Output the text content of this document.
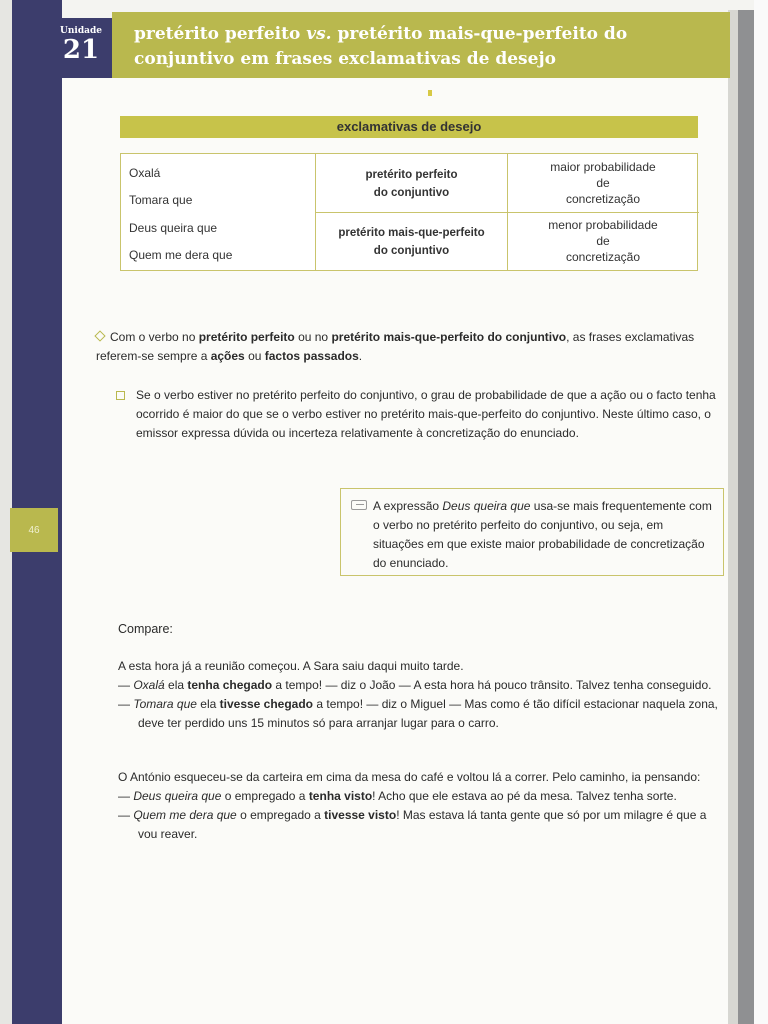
46
Unidade
21
pretérito perfeito vs. pretérito mais-que-perfeito do
conjuntivo em frases exclamativas de desejo
exclamativas de desejo
Oxalá
Tomara que
Deus queira que
Quem me dera que
pretérito perfeito
do conjuntivo
pretérito mais-que-perfeito
do conjuntivo
maior probabilidade
de
concretização
menor probabilidade
de
concretização
Com o verbo no pretérito perfeito ou no pretérito mais-que-perfeito do conjuntivo, as frases exclamativas referem-se sempre a ações ou factos passados.
Se o verbo estiver no pretérito perfeito do conjuntivo, o grau de probabilidade de que a ação ou o facto tenha ocorrido é maior do que se o verbo estiver no pretérito mais-que-perfeito do conjuntivo. Neste último caso, o emissor expressa dúvida ou incerteza relativamente à concretização do enunciado.
A expressão Deus queira que usa-se mais frequentemente com o verbo no pretérito perfeito do conjuntivo, ou seja, em situações em que existe maior probabilidade de concretização do enunciado.
Compare:
A esta hora já a reunião começou. A Sara saiu daqui muito tarde.
— Oxalá ela tenha chegado a tempo! — diz o João — A esta hora há pouco trânsito. Talvez tenha conseguido.
— Tomara que ela tivesse chegado a tempo! — diz o Miguel — Mas como é tão difícil estacionar naquela zona, deve ter perdido uns 15 minutos só para arranjar lugar para o carro.
O António esqueceu-se da carteira em cima da mesa do café e voltou lá a correr. Pelo caminho, ia pensando:
— Deus queira que o empregado a tenha visto! Acho que ele estava ao pé da mesa. Talvez tenha sorte.
— Quem me dera que o empregado a tivesse visto! Mas estava lá tanta gente que só por um milagre é que a vou reaver.
